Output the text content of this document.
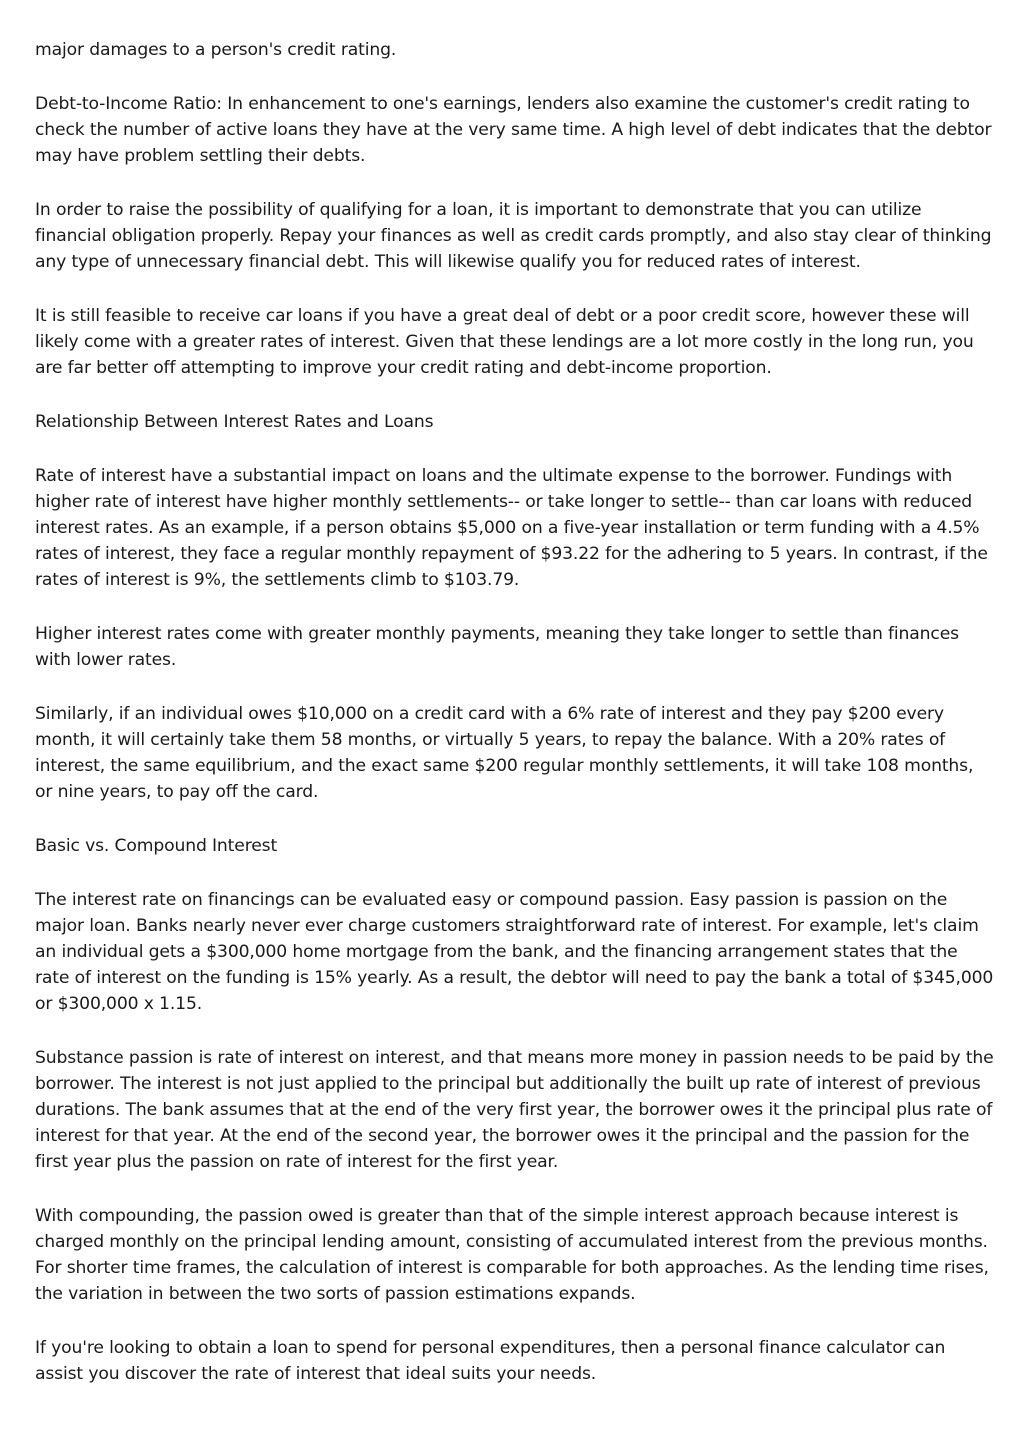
major damages to a person's credit rating.

Debt-to-Income Ratio: In enhancement to one's earnings, lenders also examine the customer's credit rating to check the number of active loans they have at the very same time. A high level of debt indicates that the debtor may have problem settling their debts.

In order to raise the possibility of qualifying for a loan, it is important to demonstrate that you can utilize financial obligation properly. Repay your finances as well as credit cards promptly, and also stay clear of thinking any type of unnecessary financial debt. This will likewise qualify you for reduced rates of interest.

It is still feasible to receive car loans if you have a great deal of debt or a poor credit score, however these will likely come with a greater rates of interest. Given that these lendings are a lot more costly in the long run, you are far better off attempting to improve your credit rating and debt-income proportion.

Relationship Between Interest Rates and Loans

Rate of interest have a substantial impact on loans and the ultimate expense to the borrower. Fundings with higher rate of interest have higher monthly settlements-- or take longer to settle-- than car loans with reduced interest rates. As an example, if a person obtains $5,000 on a five-year installation or term funding with a 4.5% rates of interest, they face a regular monthly repayment of $93.22 for the adhering to 5 years. In contrast, if the rates of interest is 9%, the settlements climb to $103.79.

Higher interest rates come with greater monthly payments, meaning they take longer to settle than finances with lower rates.

Similarly, if an individual owes $10,000 on a credit card with a 6% rate of interest and they pay $200 every month, it will certainly take them 58 months, or virtually 5 years, to repay the balance. With a 20% rates of interest, the same equilibrium, and the exact same $200 regular monthly settlements, it will take 108 months, or nine years, to pay off the card.

Basic vs. Compound Interest

The interest rate on financings can be evaluated easy or compound passion. Easy passion is passion on the major loan. Banks nearly never ever charge customers straightforward rate of interest. For example, let's claim an individual gets a $300,000 home mortgage from the bank, and the financing arrangement states that the rate of interest on the funding is 15% yearly. As a result, the debtor will need to pay the bank a total of $345,000 or $300,000 x 1.15.

Substance passion is rate of interest on interest, and that means more money in passion needs to be paid by the borrower. The interest is not just applied to the principal but additionally the built up rate of interest of previous durations. The bank assumes that at the end of the very first year, the borrower owes it the principal plus rate of interest for that year. At the end of the second year, the borrower owes it the principal and the passion for the first year plus the passion on rate of interest for the first year.

With compounding, the passion owed is greater than that of the simple interest approach because interest is charged monthly on the principal lending amount, consisting of accumulated interest from the previous months. For shorter time frames, the calculation of interest is comparable for both approaches. As the lending time rises, the variation in between the two sorts of passion estimations expands.

If you're looking to obtain a loan to spend for personal expenditures, then a personal finance calculator can assist you discover the rate of interest that ideal suits your needs.
